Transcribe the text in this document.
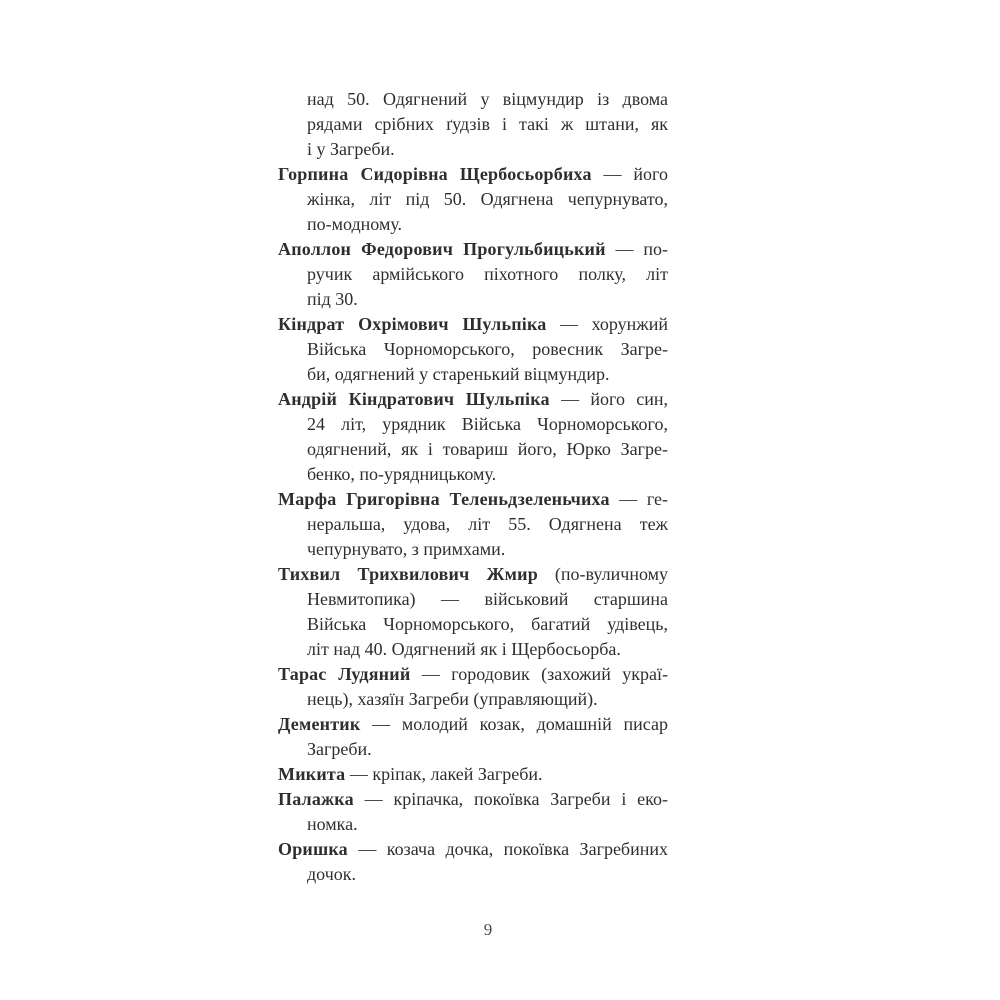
над 50. Одягнений у віцмундир із двома
рядами срібних ґудзів і такі ж штани, як
і у Загреби.
Горпина Сидорівна Щербосьорбиха — його
жінка, літ під 50. Одягнена чепурнувато,
по-модному.
Аполлон Федорович Прогульбицький — по-
ручик армійського піхотного полку, літ
під 30.
Кіндрат Охрімович Шульпіка — хорунжий
Війська Чорноморського, ровесник Загре-
би, одягнений у старенький віцмундир.
Андрій Кіндратович Шульпіка — його син,
24 літ, урядник Війська Чорноморського,
одягнений, як і товариш його, Юрко Загре-
бенко, по-урядницькому.
Марфа Григорівна Теленьдзеленьчиха — ге-
неральша, удова, літ 55. Одягнена теж
чепурнувато, з примхами.
Тихвил Трихвилович Жмир (по-вуличному
Невмитопика) — військовий старшина
Війська Чорноморського, багатий удівець,
літ над 40. Одягнений як і Щербосьорба.
Тарас Лудяний — городовик (захожий украї-
нець), хазяїн Загреби (управляющий).
Дементик — молодий козак, домашній писар
Загреби.
Микита — кріпак, лакей Загреби.
Палажка — кріпачка, покоївка Загреби і еко-
номка.
Оришка — козача дочка, покоївка Загребиних
дочок.
9
